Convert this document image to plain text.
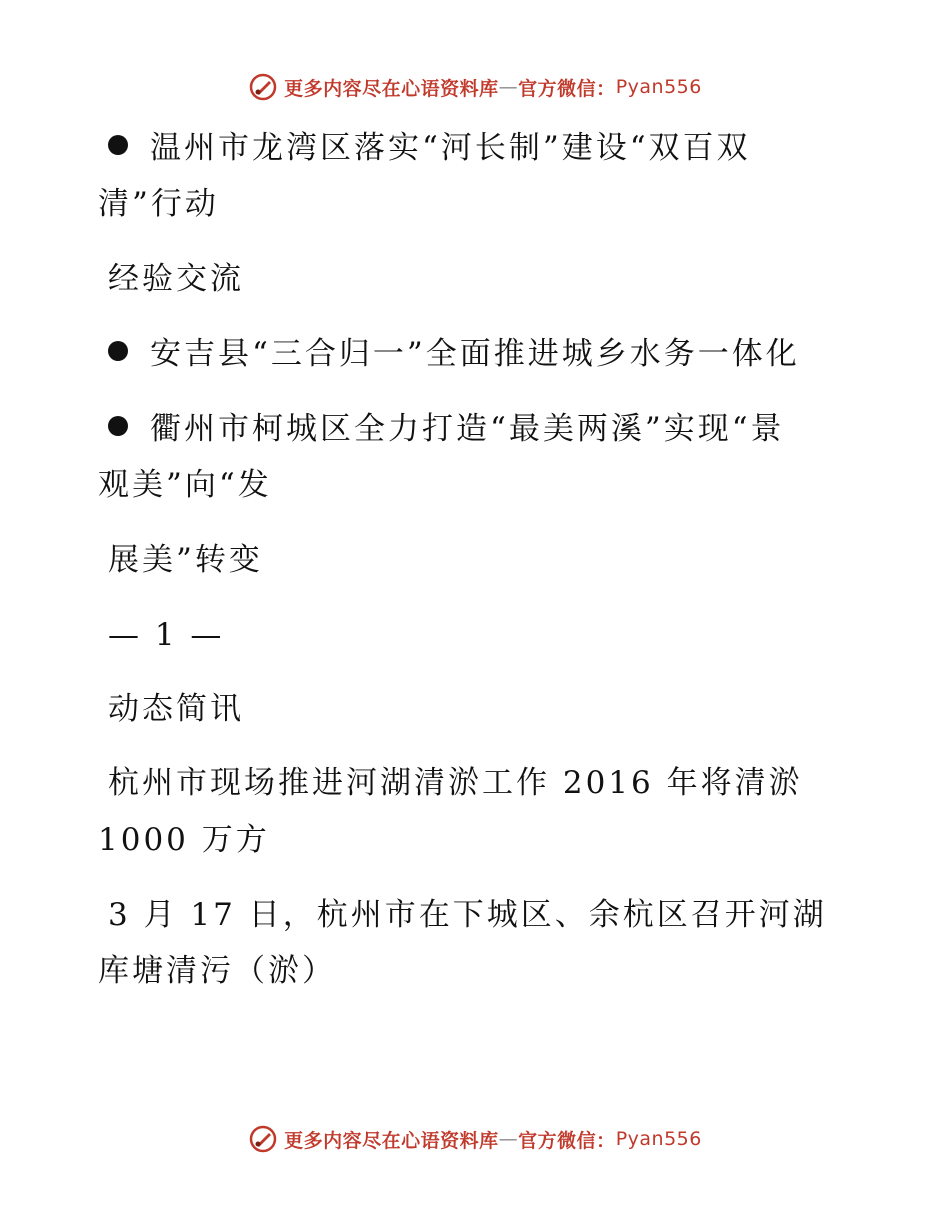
更多内容尽在心语资料库 — 官方微信： Pyan556
温州市龙湾区落实“河长制”建设“双百双
清”行动
经验交流
安吉县“三合归一”全面推进城乡水务一体化
衢州市柯城区全力打造“最美两溪”实现“景
观美”向“发
展美”转变
— 1 —
动态简讯
杭州市现场推进河湖清淤工作 2016 年将清淤
1000 万方
3 月 17 日，杭州市在下城区、余杭区召开河湖
库塘清污（淤）
更多内容尽在心语资料库 — 官方微信： Pyan556
